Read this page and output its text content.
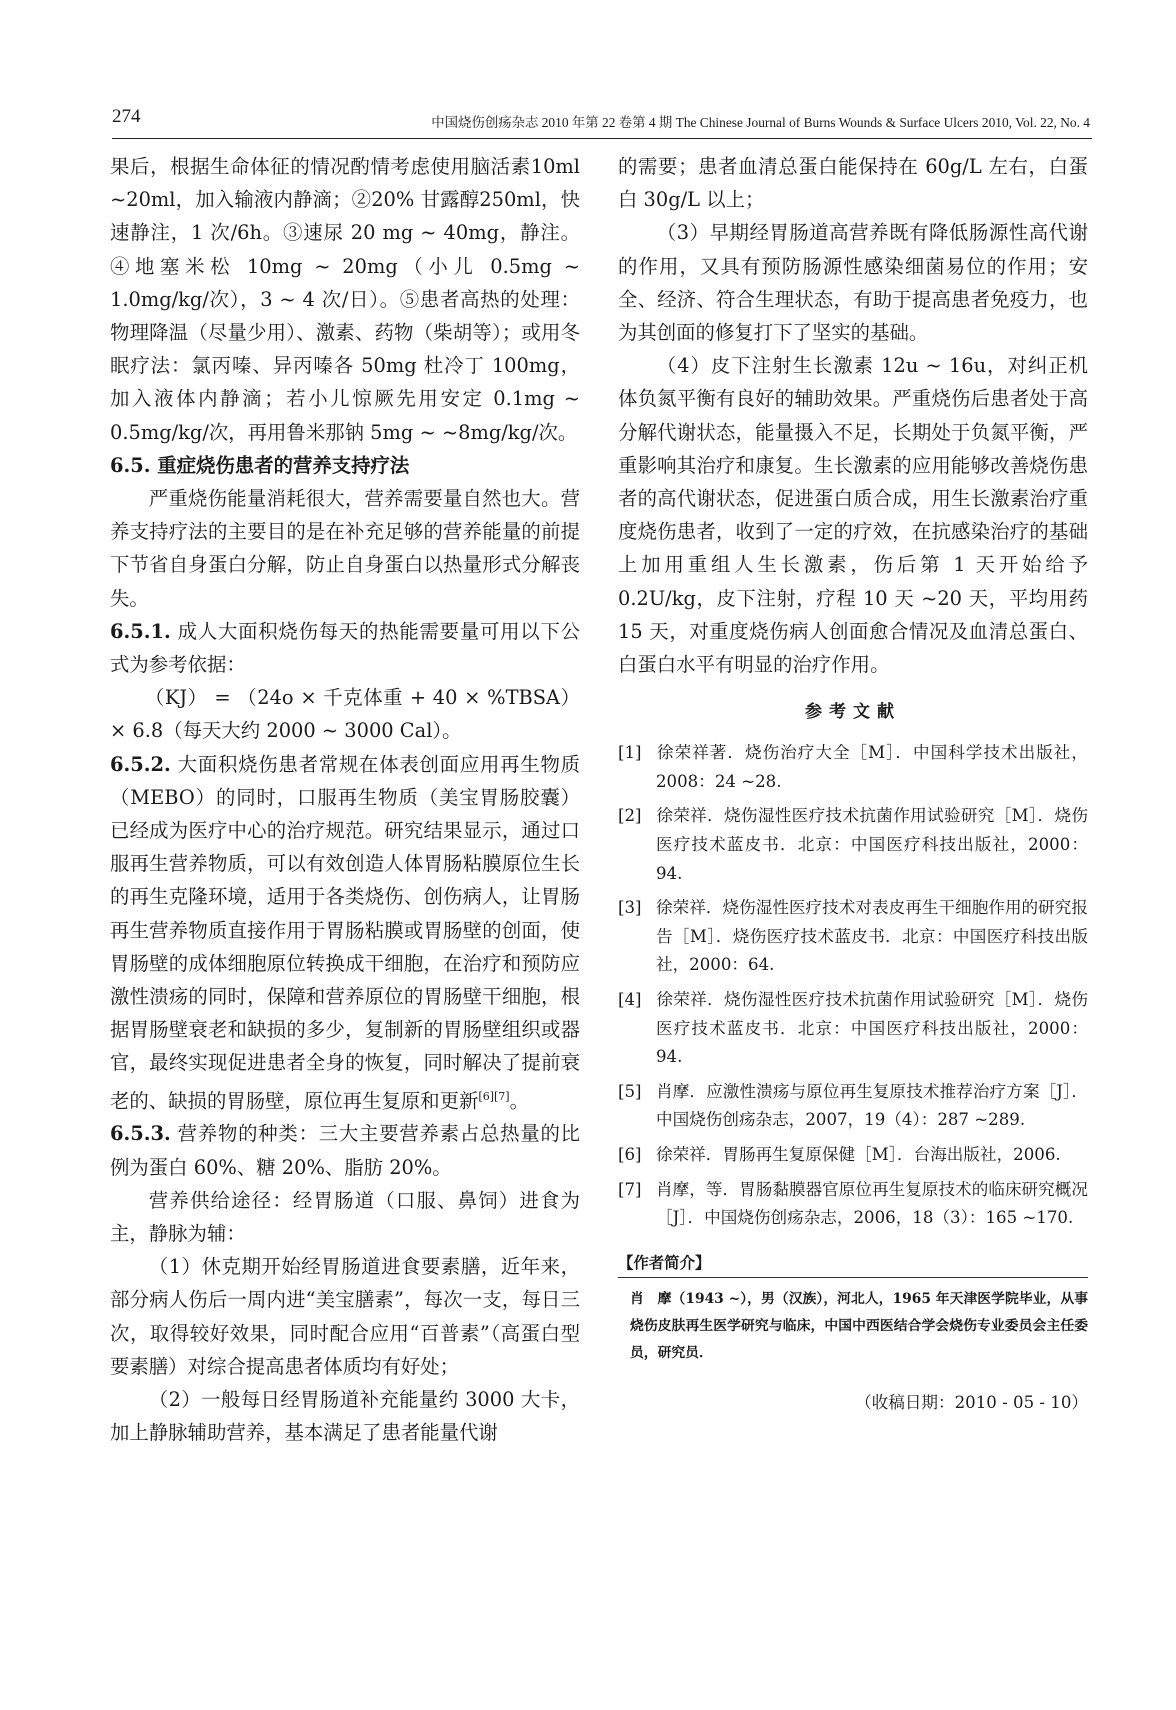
274	中国烧伤创疡杂志 2010 年第 22 卷第 4 期 The Chinese Journal of Burns Wounds & Surface Ulcers 2010, Vol. 22, No. 4

果后，根据生命体征的情况酌情考虑使用脑活素10ml ~20ml，加入输液内静滴；②20% 甘露醇250ml，快速静注，1 次/6h。③速尿 20 mg ~ 40mg，静注。④地塞米松 10mg ~ 20mg（小儿 0.5mg ~ 1.0mg/kg/次），3 ~ 4 次/日）。⑤患者高热的处理：物理降温（尽量少用）、激素、药物（柴胡等）；或用冬眠疗法：氯丙嗪、异丙嗪各 50mg 杜冷丁 100mg，加入液体内静滴；若小儿惊厥先用安定 0.1mg ~ 0.5mg/kg/次，再用鲁米那钠 5mg ~ ~8mg/kg/次。

6.5. 重症烧伤患者的营养支持疗法

严重烧伤能量消耗很大，营养需要量自然也大。营养支持疗法的主要目的是在补充足够的营养能量的前提下节省自身蛋白分解，防止自身蛋白以热量形式分解丧失。

6.5.1. 成人大面积烧伤每天的热能需要量可用以下公式为参考依据：

（KJ） = （24o × 千克体重 + 40 × %TBSA）× 6.8（每天大约 2000 ~ 3000 Cal）。

6.5.2. 大面积烧伤患者常规在体表创面应用再生物质（MEBO）的同时，口服再生物质（美宝胃肠胶囊）已经成为医疗中心的治疗规范。研究结果显示，通过口服再生营养物质，可以有效创造人体胃肠粘膜原位生长的再生克隆环境，适用于各类烧伤、创伤病人，让胃肠再生营养物质直接作用于胃肠粘膜或胃肠壁的创面，使胃肠壁的成体细胞原位转换成干细胞，在治疗和预防应激性溃疡的同时，保障和营养原位的胃肠壁干细胞，根据胃肠壁衰老和缺损的多少，复制新的胃肠壁组织或器官，最终实现促进患者全身的恢复，同时解决了提前衰老的、缺损的胃肠壁，原位再生复原和更新[6][7]。

6.5.3. 营养物的种类：三大主要营养素占总热量的比例为蛋白 60%、糖 20%、脂肪 20%。

营养供给途径：经胃肠道（口服、鼻饲）进食为主，静脉为辅：

（1）休克期开始经胃肠道进食要素膳，近年来，部分病人伤后一周内进“美宝膳素”，每次一支，每日三次，取得较好效果，同时配合应用“百普素”（高蛋白型要素膳）对综合提高患者体质均有好处；

（2）一般每日经胃肠道补充能量约 3000 大卡，加上静脉辅助营养，基本满足了患者能量代谢

的需要；患者血清总蛋白能保持在 60g/L 左右，白蛋白 30g/L 以上；

（3）早期经胃肠道高营养既有降低肠源性高代谢的作用，又具有预防肠源性感染细菌易位的作用；安全、经济、符合生理状态，有助于提高患者免疫力，也为其创面的修复打下了坚实的基础。

（4）皮下注射生长激素 12u ~ 16u，对纠正机体负氮平衡有良好的辅助效果。严重烧伤后患者处于高分解代谢状态，能量摄入不足，长期处于负氮平衡，严重影响其治疗和康复。生长激素的应用能够改善烧伤患者的高代谢状态，促进蛋白质合成，用生长激素治疗重度烧伤患者，收到了一定的疗效，在抗感染治疗的基础上加用重组人生长激素，伤后第 1 天开始给予 0.2U/kg，皮下注射，疗程 10 天 ~20 天，平均用药 15 天，对重度烧伤病人创面愈合情况及血清总蛋白、白蛋白水平有明显的治疗作用。

参考文献

[1] 徐荣祥著．烧伤治疗大全［M］．中国科学技术出版社，2008：24 ~28.
[2] 徐荣祥．烧伤湿性医疗技术抗菌作用试验研究［M］．烧伤医疗技术蓝皮书．北京：中国医疗科技出版社，2000：94.
[3] 徐荣祥．烧伤湿性医疗技术对表皮再生干细胞作用的研究报告［M］．烧伤医疗技术蓝皮书．北京：中国医疗科技出版社，2000：64.
[4] 徐荣祥．烧伤湿性医疗技术抗菌作用试验研究［M］．烧伤医疗技术蓝皮书．北京：中国医疗科技出版社，2000：94.
[5] 肖摩．应激性溃疡与原位再生复原技术推荐治疗方案［J］．中国烧伤创疡杂志，2007，19（4）：287 ~289.
[6] 徐荣祥．胃肠再生复原保健［M］．台海出版社，2006.
[7] 肖摩，等．胃肠黏膜器官原位再生复原技术的临床研究概况［J］．中国烧伤创疡杂志，2006，18（3）：165 ~170.

【作者简介】

肖　摩（1943 ~），男（汉族），河北人，1965 年天津医学院毕业，从事烧伤皮肤再生医学研究与临床，中国中西医结合学会烧伤专业委员会主任委员，研究员．

（收稿日期：2010 - 05 - 10）
